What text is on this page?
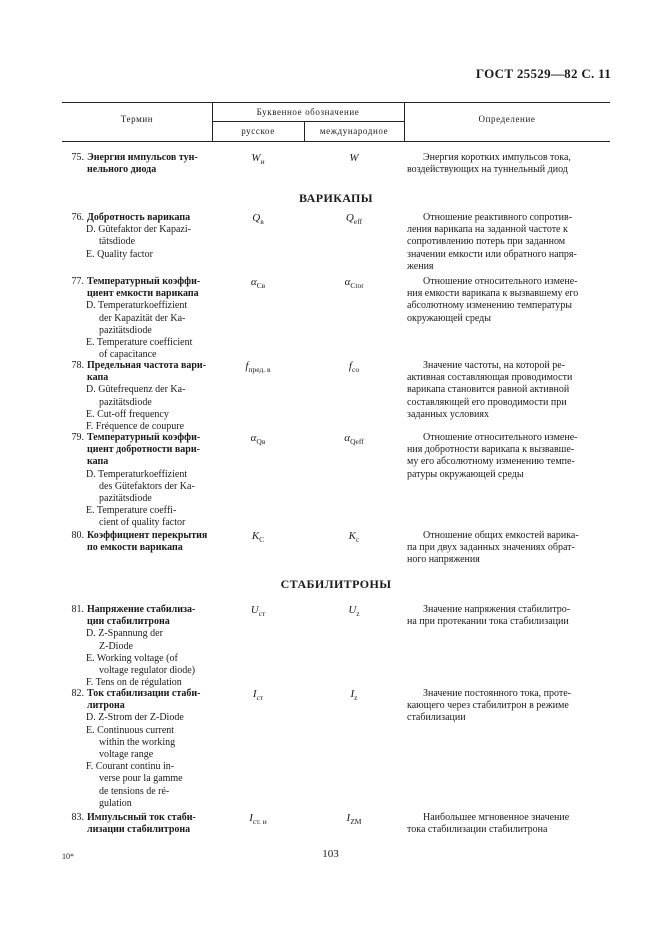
ГОСТ 25529—82 С. 11
Термин
Буквенное обозначение
русское	международное
Определение
ВАРИКАПЫ
СТАБИЛИТРОНЫ
75. Энергия импульсов тун-
нельного диода
$W_и$	W	Энергия коротких импульсов тока,
воздействующих на туннельный диод
76. Добротность варикапа
D. Gütefaktor der Kapazi-
tätsdiode
E. Quality factor
$Q_в$	$Q_{eff}$	Отношение реактивного сопротив-
ления варикапа на заданной частоте к
сопротивлению потерь при заданном
значении емкости или обратного напря-
жения
77. Температурный коэффи-
циент емкости варикапа
D. Temperaturkoeffizient
der Kapazität der Ka-
pazitätsdiode
E. Temperature coefficient
of capacitance
$\alpha_{Cв}$	$\alpha_{Ctot}$	Отношение относительного измене-
ния емкости варикапа к вызвавшему его
абсолютному изменению температуры
окружающей среды
78. Предельная частота вари-
капа
D. Gütefrequenz der Ka-
pazitätsdiode
E. Cut-off frequency
F. Fréquence de coupure
$f_{пред. в}$	$f_{co}$	Значение частоты, на которой ре-
активная составляющая проводимости
варикапа становится равной активной
составляющей его проводимости при
заданных условиях
79. Температурный коэффи-
циент добротности вари-
капа
D. Temperaturkoeffizient
des Gütefaktors der Ka-
pazitätsdiode
E. Temperature coeffi-
cient of quality factor
$\alpha_{Qв}$	$\alpha_{Qeff}$	Отношение относительного измене-
ния добротности варикапа к вызвавше-
му его абсолютному изменению темпе-
ратуры окружающей среды
80. Коэффициент перекрытия
по емкости варикапа
$K_C$	$K_c$	Отношение общих емкостей варика-
па при двух заданных значениях обрат-
ного напряжения
81. Напряжение стабилиза-
ции стабилитрона
D. Z-Spannung der
Z-Diode
E. Working voltage (of
voltage regulator diode)
F. Tens on de régulation
$U_{ст}$	$U_z$	Значение напряжения стабилитро-
на при протекании тока стабилизации
82. Ток стабилизации стаби-
литрона
D. Z-Strom der Z-Diode
E. Continuous current
within the working
voltage range
F. Courant continu in-
verse pour la gamme
de tensions de ré-
gulation
$I_{ст}$	$I_z$	Значение постоянного тока, проте-
кающего через стабилитрон в режиме
стабилизации
83. Импульсный ток стаби-
лизации стабилитрона
$I_{ст. и}$	$I_{ZM}$	Наибольшее мгновенное значение
тока стабилизации стабилитрона
10*	103
